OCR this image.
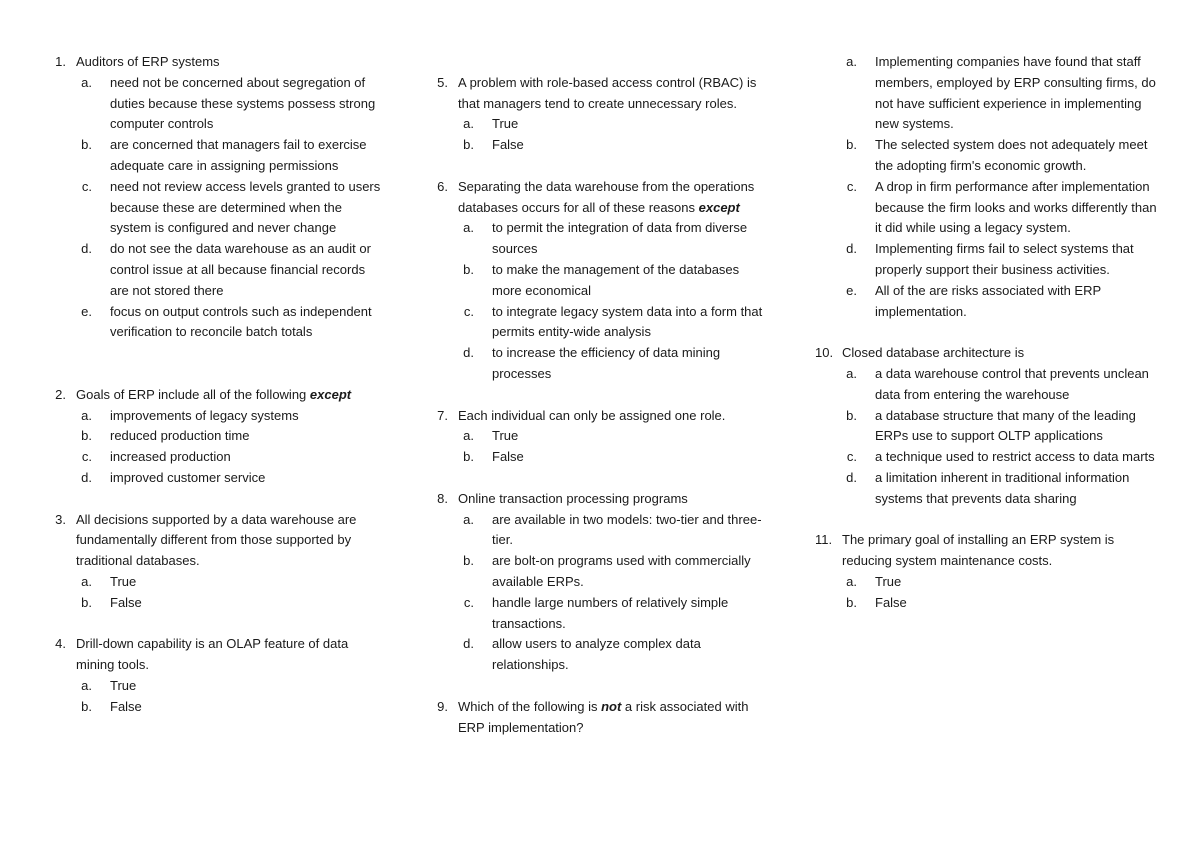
1. Auditors of ERP systems
a.	need not be concerned about segregation of duties because these systems possess strong computer controls
b.	are concerned that managers fail to exercise adequate care in assigning permissions
c.	need not review access levels granted to users because these are determined when the system is configured and never change
d.	do not see the data warehouse as an audit or control issue at all because financial records are not stored there
e.	focus on output controls such as independent verification to reconcile batch totals
2. Goals of ERP include all of the following except
a.	improvements of legacy systems
b.	reduced production time
c.	increased production
d.	improved customer service
3. All decisions supported by a data warehouse are fundamentally different from those supported by traditional databases.
a.	True
b.	False
4. Drill-down capability is an OLAP feature of data mining tools.
a.	True
b.	False
5. A problem with role-based access control (RBAC) is that managers tend to create unnecessary roles.
a.	True
b.	False
6. Separating the data warehouse from the operations databases occurs for all of these reasons except
a.	to permit the integration of data from diverse sources
b.	to make the management of the databases more economical
c.	to integrate legacy system data into a form that permits entity-wide analysis
d.	to increase the efficiency of data mining processes
7. Each individual can only be assigned one role.
a.	True
b.	False
8. Online transaction processing programs
a.	are available in two models: two-tier and three-tier.
b.	are bolt-on programs used with commercially available ERPs.
c.	handle large numbers of relatively simple transactions.
d.	allow users to analyze complex data relationships.
9. Which of the following is not a risk associated with ERP implementation?
a.	Implementing companies have found that staff members, employed by ERP consulting firms, do not have sufficient experience in implementing new systems.
b.	The selected system does not adequately meet the adopting firm's economic growth.
c.	A drop in firm performance after implementation because the firm looks and works differently than it did while using a legacy system.
d.	Implementing firms fail to select systems that properly support their business activities.
e.	All of the are risks associated with ERP implementation.
10. Closed database architecture is
a.	a data warehouse control that prevents unclean data from entering the warehouse
b.	a database structure that many of the leading ERPs use to support OLTP applications
c.	a technique used to restrict access to data marts
d.	a limitation inherent in traditional information systems that prevents data sharing
11. The primary goal of installing an ERP system is reducing system maintenance costs.
a.	True
b.	False
